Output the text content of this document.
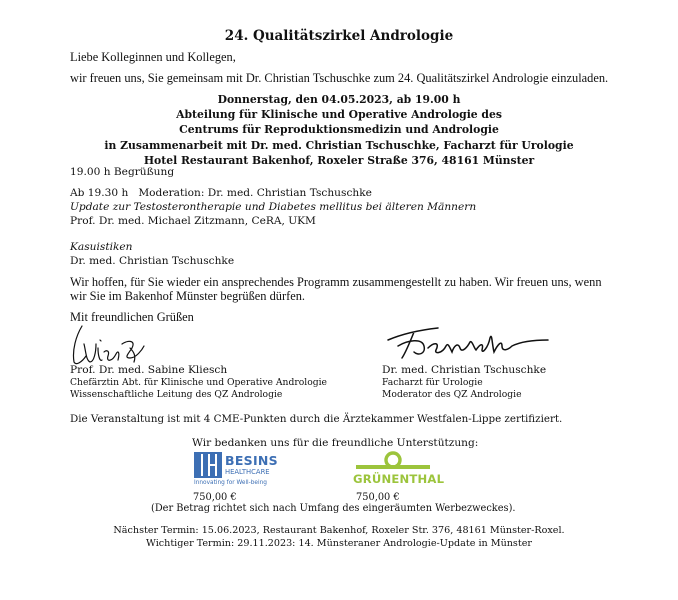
24. Qualitätszirkel Andrologie
Liebe Kolleginnen und Kollegen,
wir freuen uns, Sie gemeinsam mit Dr. Christian Tschuschke zum 24. Qualitätszirkel Andrologie einzuladen.
Donnerstag, den 04.05.2023, ab 19.00 h
Abteilung für Klinische und Operative Andrologie des
Centrums für Reproduktionsmedizin und Andrologie
in Zusammenarbeit mit Dr. med. Christian Tschuschke, Facharzt für Urologie
Hotel Restaurant Bakenhof, Roxeler Straße 376, 48161 Münster
19.00 h Begrüßung
Ab 19.30 h Moderation: Dr. med. Christian Tschuschke
Update zur Testosterontherapie und Diabetes mellitus bei älteren Männern
Prof. Dr. med. Michael Zitzmann, CeRA, UKM
Kasuistiken
Dr. med. Christian Tschuschke
Wir hoffen, für Sie wieder ein ansprechendes Programm zusammengestellt zu haben. Wir freuen uns, wenn
wir Sie im Bakenhof Münster begrüßen dürfen.
Mit freundlichen Grüßen
Prof. Dr. med. Sabine Kliesch
Chefärztin Abt. für Klinische und Operative Andrologie
Wissenschaftliche Leitung des QZ Andrologie
Dr. med. Christian Tschuschke
Facharzt für Urologie
Moderator des QZ Andrologie
Die Veranstaltung ist mit 4 CME-Punkten durch die Ärztekammer Westfalen-Lippe zertifiziert.
Wir bedanken uns für die freundliche Unterstützung:
BESINS
HEALTHCARE
Innovating for Well-being
750,00 €
GRÜNENTHAL
750,00 €
(Der Betrag richtet sich nach Umfang des eingeräumten Werbezweckes).
Nächster Termin: 15.06.2023, Restaurant Bakenhof, Roxeler Str. 376, 48161 Münster-Roxel.
Wichtiger Termin: 29.11.2023: 14. Münsteraner Andrologie-Update in Münster
